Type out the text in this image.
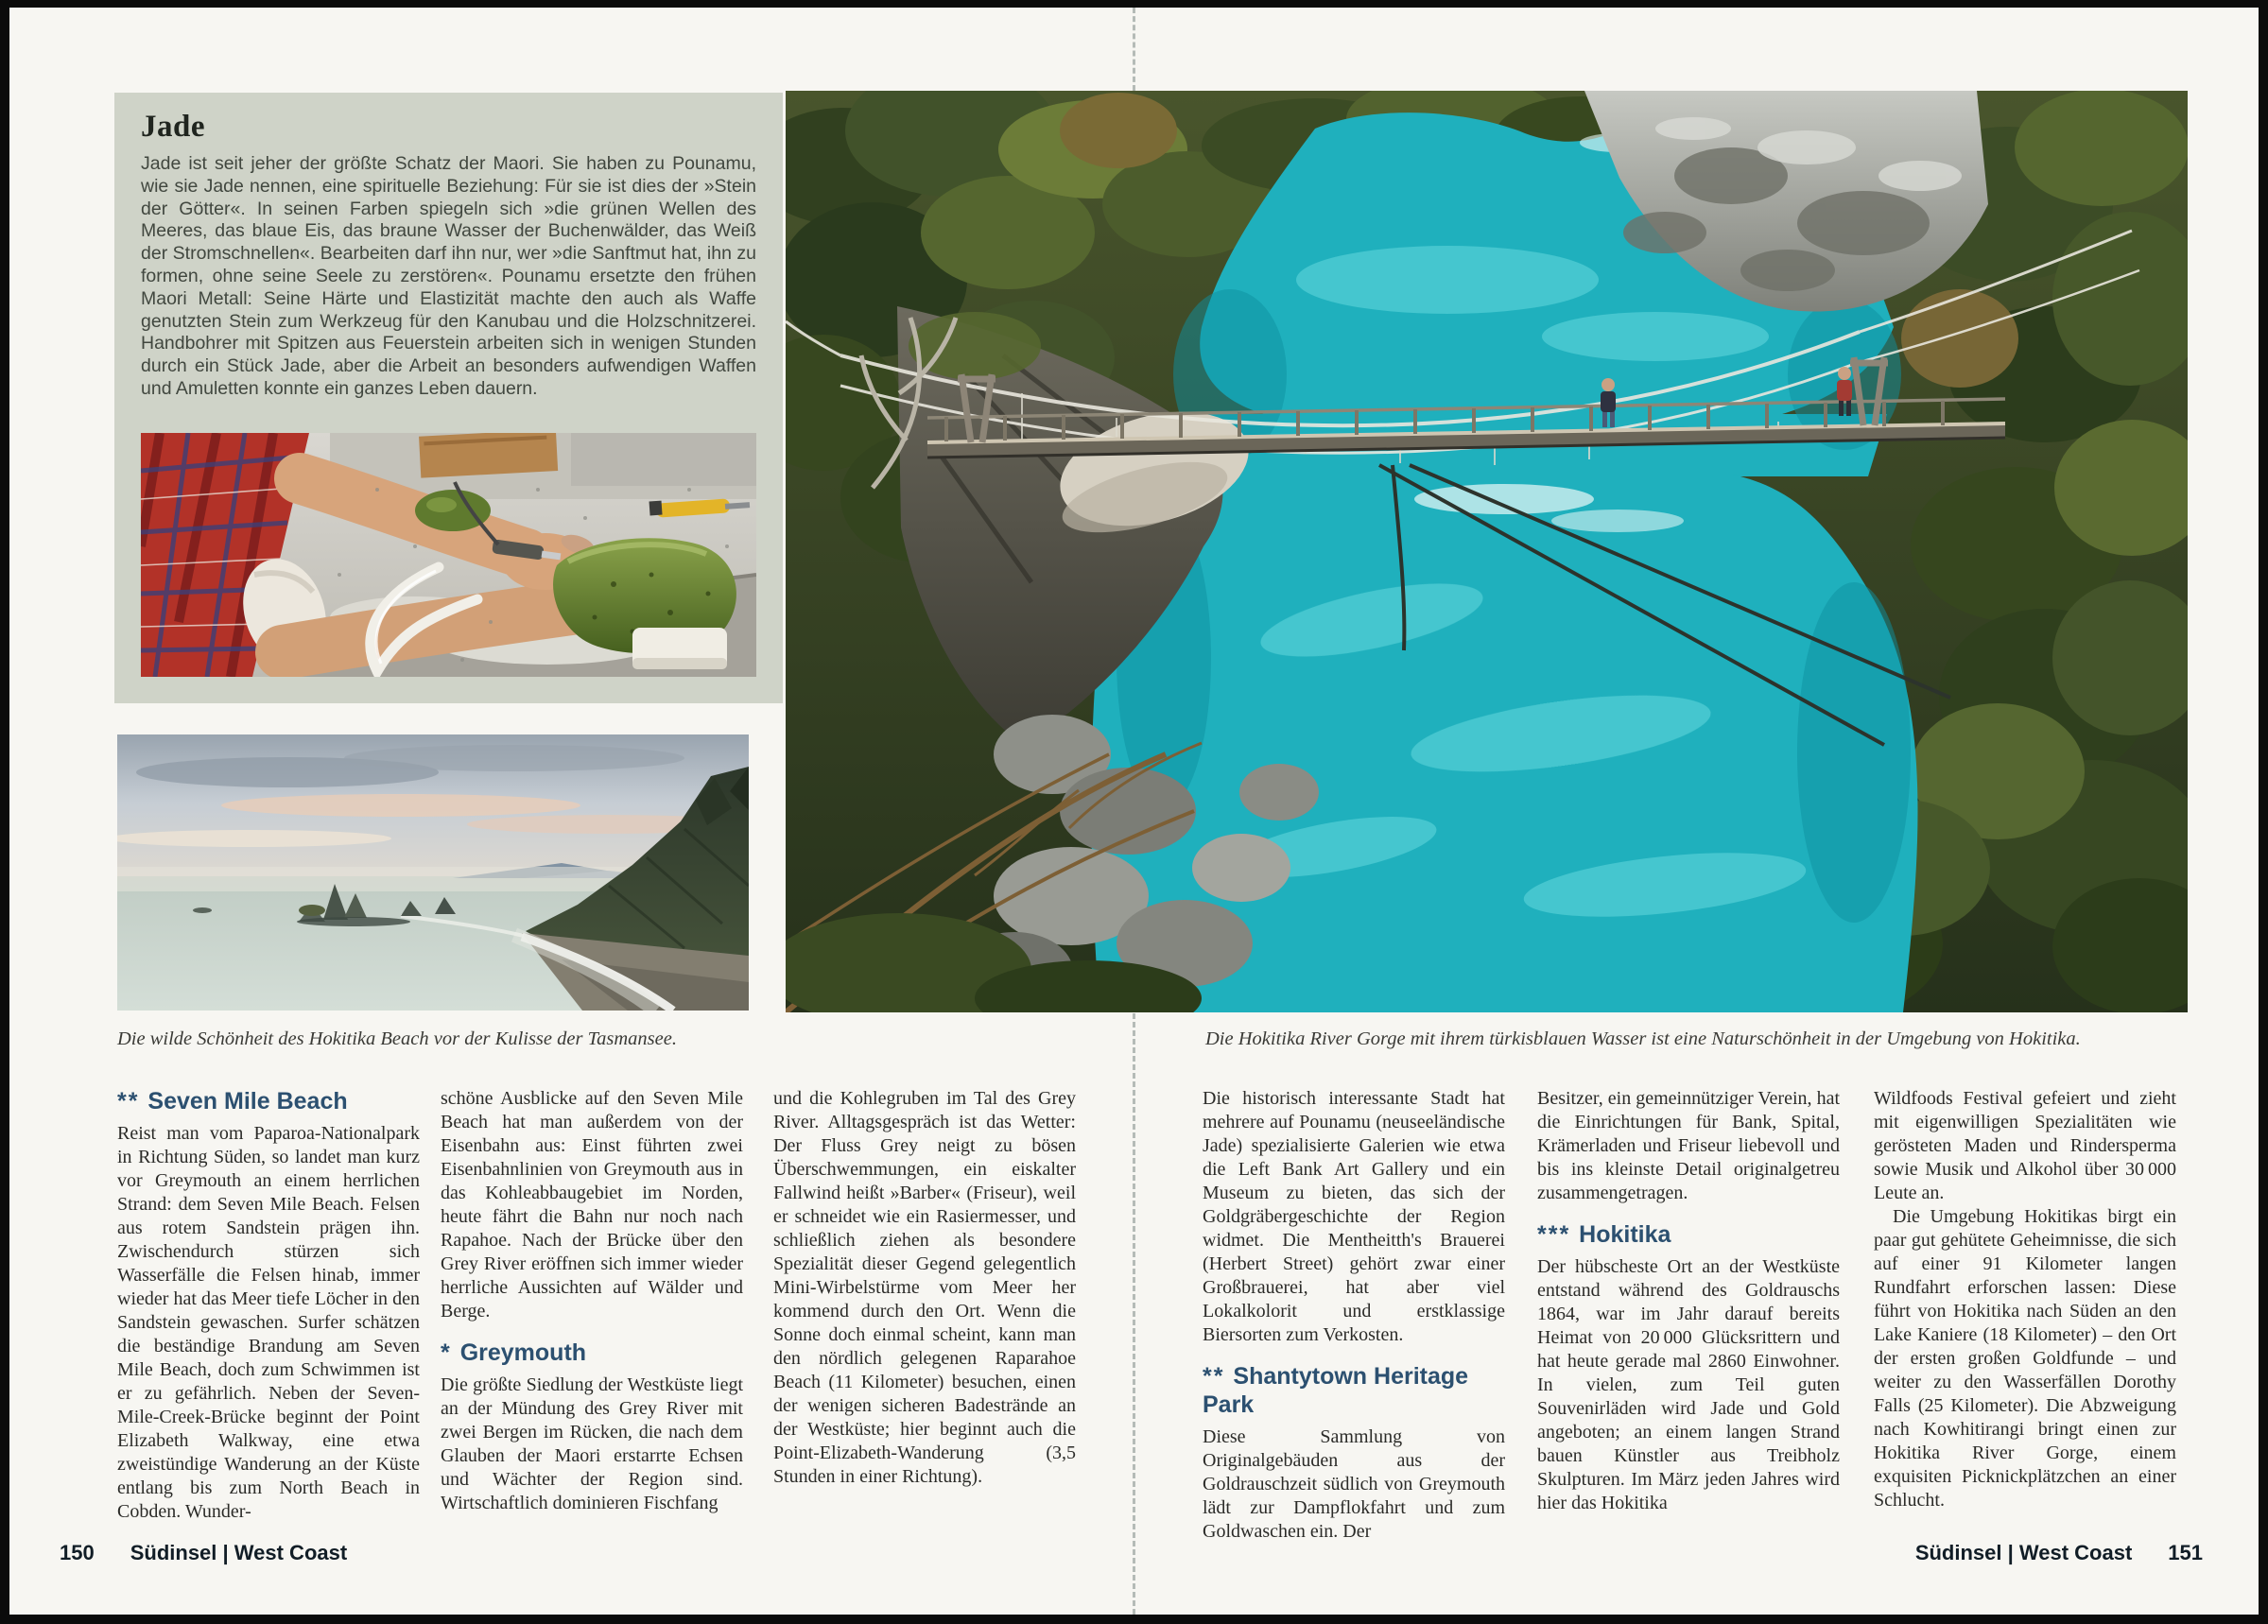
Jade

Jade ist seit jeher der größte Schatz der Maori. Sie haben zu Pounamu, wie sie Jade nennen, eine spirituelle Beziehung: Für sie ist dies der »Stein der Götter«. In seinen Farben spiegeln sich »die grünen Wellen des Meeres, das blaue Eis, das braune Wasser der Buchenwälder, das Weiß der Stromschnellen«. Bearbeiten darf ihn nur, wer »die Sanftmut hat, ihn zu formen, ohne seine Seele zu zerstören«. Pounamu ersetzte den frühen Maori Metall: Seine Härte und Elastizität machte den auch als Waffe genutzten Stein zum Werkzeug für den Kanubau und die Holzschnitzerei. Handbohrer mit Spitzen aus Feuerstein arbeiten sich in wenigen Stunden durch ein Stück Jade, aber die Arbeit an besonders aufwendigen Waffen und Amuletten konnte ein ganzes Leben dauern.

Die wilde Schönheit des Hokitika Beach vor der Kulisse der Tasmansee.	Die Hokitika River Gorge mit ihrem türkisblauen Wasser ist eine Naturschönheit in der Umgebung von Hokitika.

** Seven Mile Beach

Reist man vom Paparoa-Nationalpark in Richtung Süden, so landet man kurz vor Greymouth an einem herrlichen Strand: dem Seven Mile Beach. Felsen aus rotem Sandstein prägen ihn. Zwischendurch stürzen sich Wasserfälle die Felsen hinab, immer wieder hat das Meer tiefe Löcher in den Sandstein gewaschen. Surfer schätzen die beständige Brandung am Seven Mile Beach, doch zum Schwimmen ist er zu gefährlich. Neben der Seven-Mile-Creek-Brücke beginnt der Point Elizabeth Walkway, eine etwa zweistündige Wanderung an der Küste entlang bis zum North Beach in Cobden. Wunder-

schöne Ausblicke auf den Seven Mile Beach hat man außerdem von der Eisenbahn aus: Einst führten zwei Eisenbahnlinien von Greymouth aus in das Kohleabbaugebiet im Norden, heute fährt die Bahn nur noch nach Rapahoe. Nach der Brücke über den Grey River eröffnen sich immer wieder herrliche Aussichten auf Wälder und Berge.

* Greymouth

Die größte Siedlung der Westküste liegt an der Mündung des Grey River mit zwei Bergen im Rücken, die nach dem Glauben der Maori erstarrte Echsen und Wächter der Region sind. Wirtschaftlich dominieren Fischfang

und die Kohlegruben im Tal des Grey River. Alltagsgespräch ist das Wetter: Der Fluss Grey neigt zu bösen Überschwemmungen, ein eiskalter Fallwind heißt »Barber« (Friseur), weil er schneidet wie ein Rasiermesser, und schließlich ziehen als besondere Spezialität dieser Gegend gelegentlich Mini-Wirbelstürme vom Meer her kommend durch den Ort. Wenn die Sonne doch einmal scheint, kann man den nördlich gelegenen Raparahoe Beach (11 Kilometer) besuchen, einen der wenigen sicheren Badestrände an der Westküste; hier beginnt auch die Point-Elizabeth-Wanderung (3,5 Stunden in einer Richtung).

Die historisch interessante Stadt hat mehrere auf Pounamu (neuseeländische Jade) spezialisierte Galerien wie etwa die Left Bank Art Gallery und ein Museum zu bieten, das sich der Goldgräbergeschichte der Region widmet. Die Mentheitth's Brauerei (Herbert Street) gehört zwar einer Großbrauerei, hat aber viel Lokalkolorit und erstklassige Biersorten zum Verkosten.

** Shantytown Heritage Park

Diese Sammlung von Originalgebäuden aus der Goldrauschzeit südlich von Greymouth lädt zur Dampflokfahrt und zum Goldwaschen ein. Der

Besitzer, ein gemeinnütziger Verein, hat die Einrichtungen für Bank, Spital, Krämerladen und Friseur liebevoll und bis ins kleinste Detail originalgetreu zusammengetragen.

*** Hokitika

Der hübscheste Ort an der Westküste entstand während des Goldrauschs 1864, war im Jahr darauf bereits Heimat von 20 000 Glücksrittern und hat heute gerade mal 2860 Einwohner. In vielen, zum Teil guten Souvenirläden wird Jade und Gold angeboten; an einem langen Strand bauen Künstler aus Treibholz Skulpturen. Im März jeden Jahres wird hier das Hokitika

Wildfoods Festival gefeiert und zieht mit eigenwilligen Spezialitäten wie gerösteten Maden und Rindersperma sowie Musik und Alkohol über 30 000 Leute an.

Die Umgebung Hokitikas birgt ein paar gut gehütete Geheimnisse, die sich auf einer 91 Kilometer langen Rundfahrt erforschen lassen: Diese führt von Hokitika nach Süden an den Lake Kaniere (18 Kilometer) – den Ort der ersten großen Goldfunde – und weiter zu den Wasserfällen Dorothy Falls (25 Kilometer). Die Abzweigung nach Kowhitirangi bringt einen zur Hokitika River Gorge, einem exquisiten Picknickplätzchen an einer Schlucht.

150 Südinsel | West Coast	Südinsel | West Coast 151
